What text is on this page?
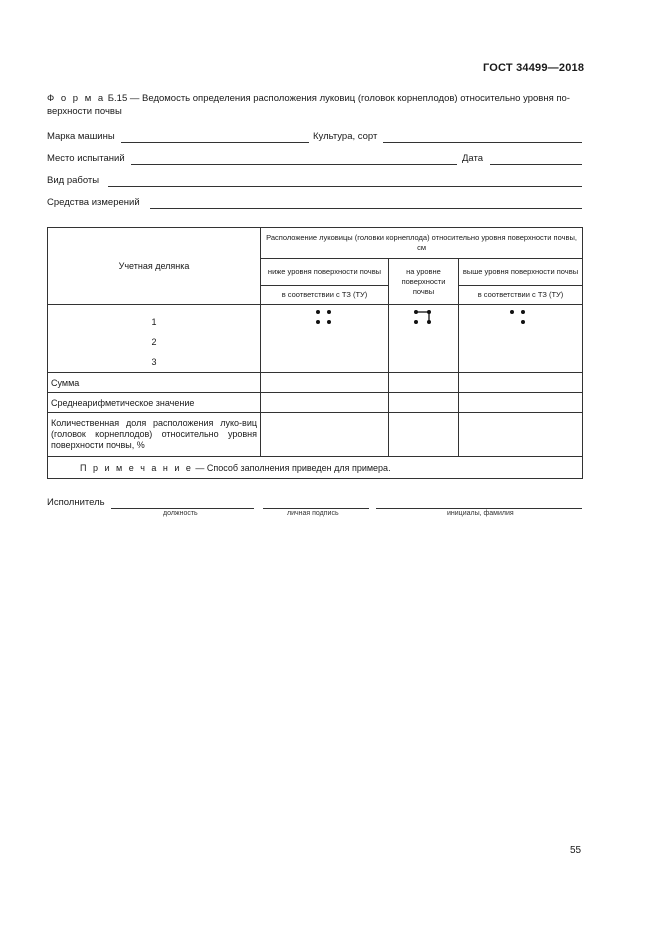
ГОСТ 34499—2018
Ф о р м а Б.15 — Ведомость определения расположения луковиц (головок корнеплодов) относительно уровня по-верхности почвы
Марка машины	Культура, сорт
Место испытаний	Дата
Вид работы
Средства измерений
Учетная делянка	Расположение луковицы (головки корнеплода) относительно уровня поверхности почвы, см		
	ниже уровня поверхности почвы	на уровне поверхности почвы	выше уровня поверхности почвы
	в соответствии с ТЗ (ТУ)		в соответствии с ТЗ (ТУ)

1
2
3

Сумма			
Среднеарифметическое значение			
Количественная доля расположения луко-виц (головок корнеплодов) относительно уровня поверхности почвы, %			
П р и м е ч а н и е — Способ заполнения приведен для примера.			
Исполнитель
должность	личная подпись	инициалы, фамилия
55
